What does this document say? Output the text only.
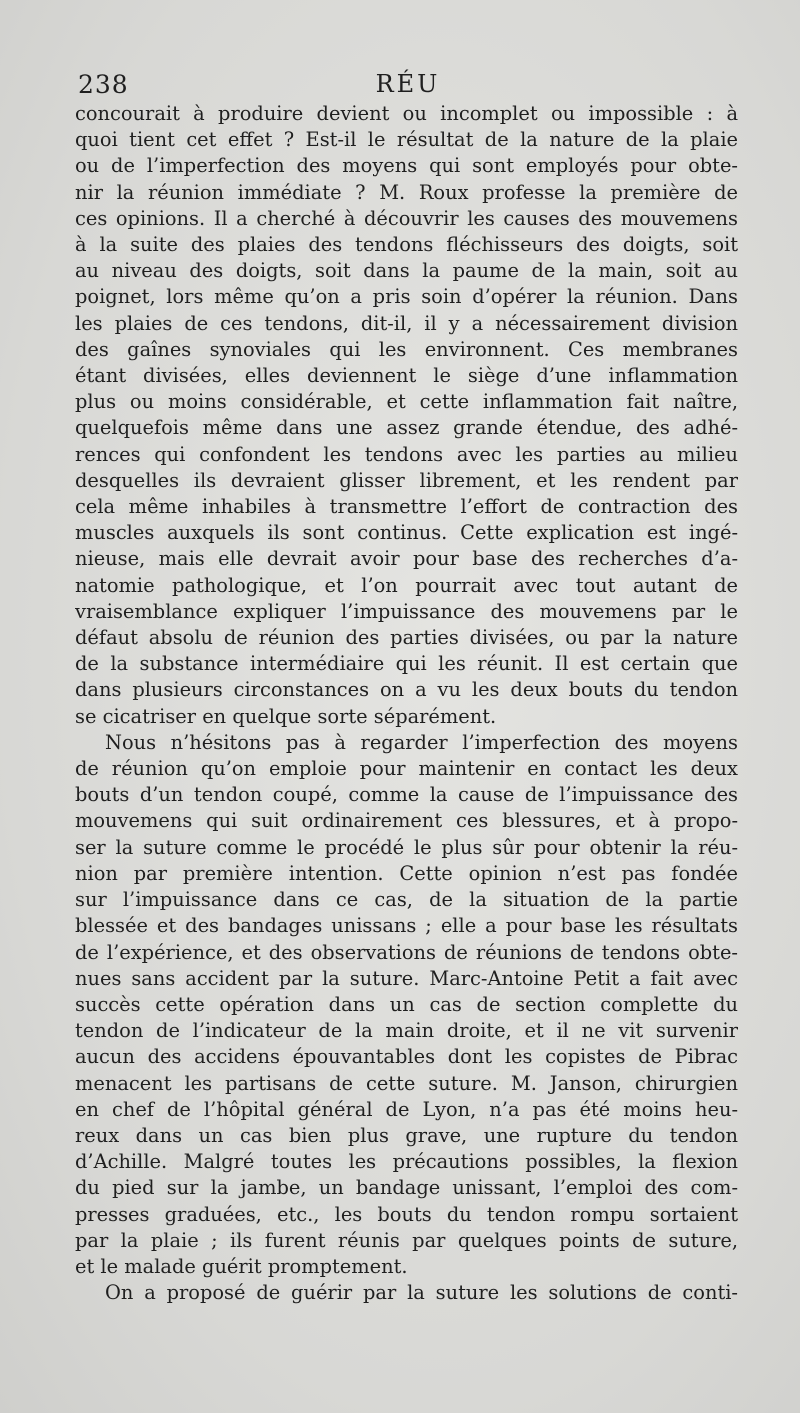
238	RÉU
concourait à produire devient ou incomplet ou impossible : à
quoi tient cet effet ? Est-il le résultat de la nature de la plaie
ou de l’imperfection des moyens qui sont employés pour obte-
nir la réunion immédiate ? M. Roux professe la première de
ces opinions. Il a cherché à découvrir les causes des mouvemens
à la suite des plaies des tendons fléchisseurs des doigts, soit
au niveau des doigts, soit dans la paume de la main, soit au
poignet, lors même qu’on a pris soin d’opérer la réunion. Dans
les plaies de ces tendons, dit-il, il y a nécessairement division
des gaînes synoviales qui les environnent. Ces membranes
étant divisées, elles deviennent le siège d’une inflammation
plus ou moins considérable, et cette inflammation fait naître,
quelquefois même dans une assez grande étendue, des adhé-
rences qui confondent les tendons avec les parties au milieu
desquelles ils devraient glisser librement, et les rendent par
cela même inhabiles à transmettre l’effort de contraction des
muscles auxquels ils sont continus. Cette explication est ingé-
nieuse, mais elle devrait avoir pour base des recherches d’a-
natomie pathologique, et l’on pourrait avec tout autant de
vraisemblance expliquer l’impuissance des mouvemens par le
défaut absolu de réunion des parties divisées, ou par la nature
de la substance intermédiaire qui les réunit. Il est certain que
dans plusieurs circonstances on a vu les deux bouts du tendon
se cicatriser en quelque sorte séparément.
Nous n’hésitons pas à regarder l’imperfection des moyens
de réunion qu’on emploie pour maintenir en contact les deux
bouts d’un tendon coupé, comme la cause de l’impuissance des
mouvemens qui suit ordinairement ces blessures, et à propo-
ser la suture comme le procédé le plus sûr pour obtenir la réu-
nion par première intention. Cette opinion n’est pas fondée
sur l’impuissance dans ce cas, de la situation de la partie
blessée et des bandages unissans ; elle a pour base les résultats
de l’expérience, et des observations de réunions de tendons obte-
nues sans accident par la suture. Marc-Antoine Petit a fait avec
succès cette opération dans un cas de section complette du
tendon de l’indicateur de la main droite, et il ne vit survenir
aucun des accidens épouvantables dont les copistes de Pibrac
menacent les partisans de cette suture. M. Janson, chirurgien
en chef de l’hôpital général de Lyon, n’a pas été moins heu-
reux dans un cas bien plus grave, une rupture du tendon
d’Achille. Malgré toutes les précautions possibles, la flexion
du pied sur la jambe, un bandage unissant, l’emploi des com-
presses graduées, etc., les bouts du tendon rompu sortaient
par la plaie ; ils furent réunis par quelques points de suture,
et le malade guérit promptement.
On a proposé de guérir par la suture les solutions de conti-
